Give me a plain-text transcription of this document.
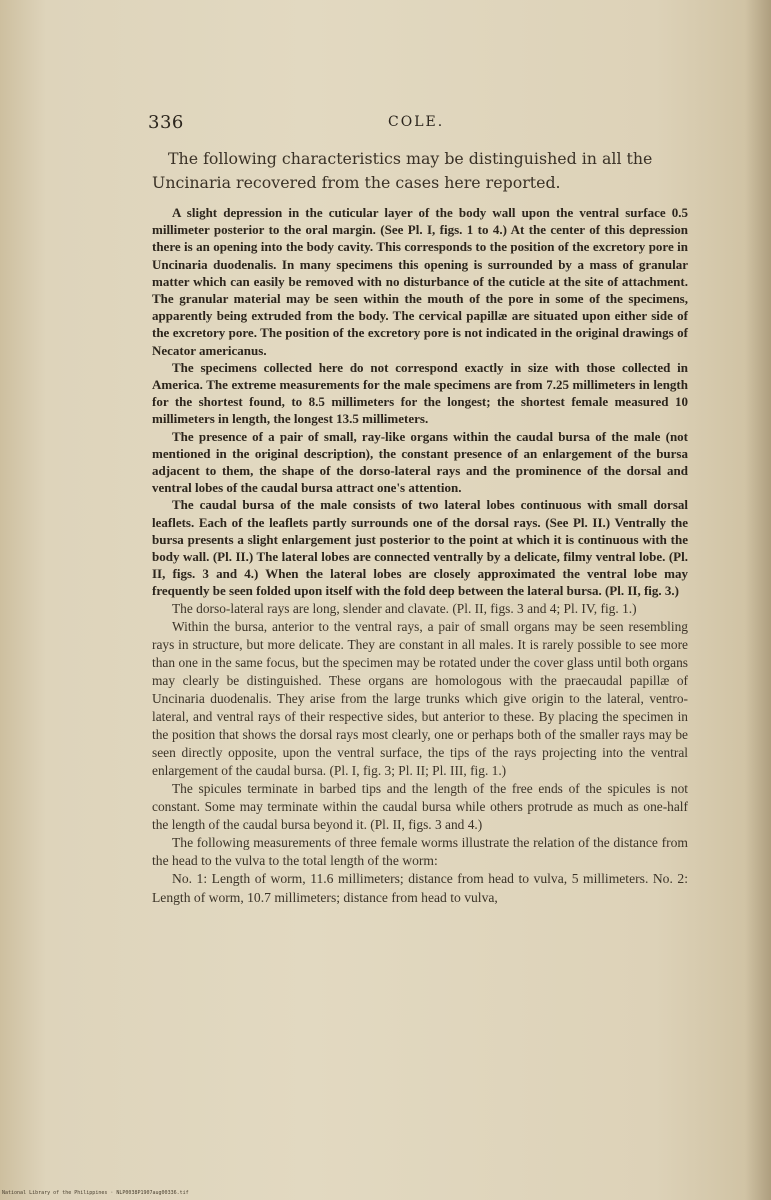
336	COLE.
The following characteristics may be distinguished in all the Uncinaria recovered from the cases here reported.

A slight depression in the cuticular layer of the body wall upon the ventral surface 0.5 millimeter posterior to the oral margin. (See Pl. I, figs. 1 to 4.) At the center of this depression there is an opening into the body cavity. This corresponds to the position of the excretory pore in Uncinaria duodenalis. In many specimens this opening is surrounded by a mass of granular matter which can easily be removed with no disturbance of the cuticle at the site of attachment. The granular material may be seen within the mouth of the pore in some of the specimens, apparently being extruded from the body. The cervical papillæ are situated upon either side of the excretory pore. The position of the excretory pore is not indicated in the original drawings of Necator americanus.

The specimens collected here do not correspond exactly in size with those collected in America. The extreme measurements for the male specimens are from 7.25 millimeters in length for the shortest found, to 8.5 millimeters for the longest; the shortest female measured 10 millimeters in length, the longest 13.5 millimeters.

The presence of a pair of small, ray-like organs within the caudal bursa of the male (not mentioned in the original description), the constant presence of an enlargement of the bursa adjacent to them, the shape of the dorso-lateral rays and the prominence of the dorsal and ventral lobes of the caudal bursa attract one's attention.

The caudal bursa of the male consists of two lateral lobes continuous with small dorsal leaflets. Each of the leaflets partly surrounds one of the dorsal rays. (See Pl. II.) Ventrally the bursa presents a slight enlargement just posterior to the point at which it is continuous with the body wall. (Pl. II.) The lateral lobes are connected ventrally by a delicate, filmy ventral lobe. (Pl. II, figs. 3 and 4.) When the lateral lobes are closely approximated the ventral lobe may frequently be seen folded upon itself with the fold deep between the lateral bursa. (Pl. II, fig. 3.)

The dorso-lateral rays are long, slender and clavate. (Pl. II, figs. 3 and 4; Pl. IV, fig. 1.)

Within the bursa, anterior to the ventral rays, a pair of small organs may be seen resembling rays in structure, but more delicate. They are constant in all males. It is rarely possible to see more than one in the same focus, but the specimen may be rotated under the cover glass until both organs may clearly be distinguished. These organs are homologous with the praecaudal papillæ of Uncinaria duodenalis. They arise from the large trunks which give origin to the lateral, ventro-lateral, and ventral rays of their respective sides, but anterior to these. By placing the specimen in the position that shows the dorsal rays most clearly, one or perhaps both of the smaller rays may be seen directly opposite, upon the ventral surface, the tips of the rays projecting into the ventral enlargement of the caudal bursa. (Pl. I, fig. 3; Pl. II; Pl. III, fig. 1.)

The spicules terminate in barbed tips and the length of the free ends of the spicules is not constant. Some may terminate within the caudal bursa while others protrude as much as one-half the length of the caudal bursa beyond it. (Pl. II, figs. 3 and 4.)

The following measurements of three female worms illustrate the relation of the distance from the head to the vulva to the total length of the worm:

No. 1: Length of worm, 11.6 millimeters; distance from head to vulva, 5 millimeters. No. 2: Length of worm, 10.7 millimeters; distance from head to vulva,

National Library of the Philippines · NLP0038P1907aug00336.tif
